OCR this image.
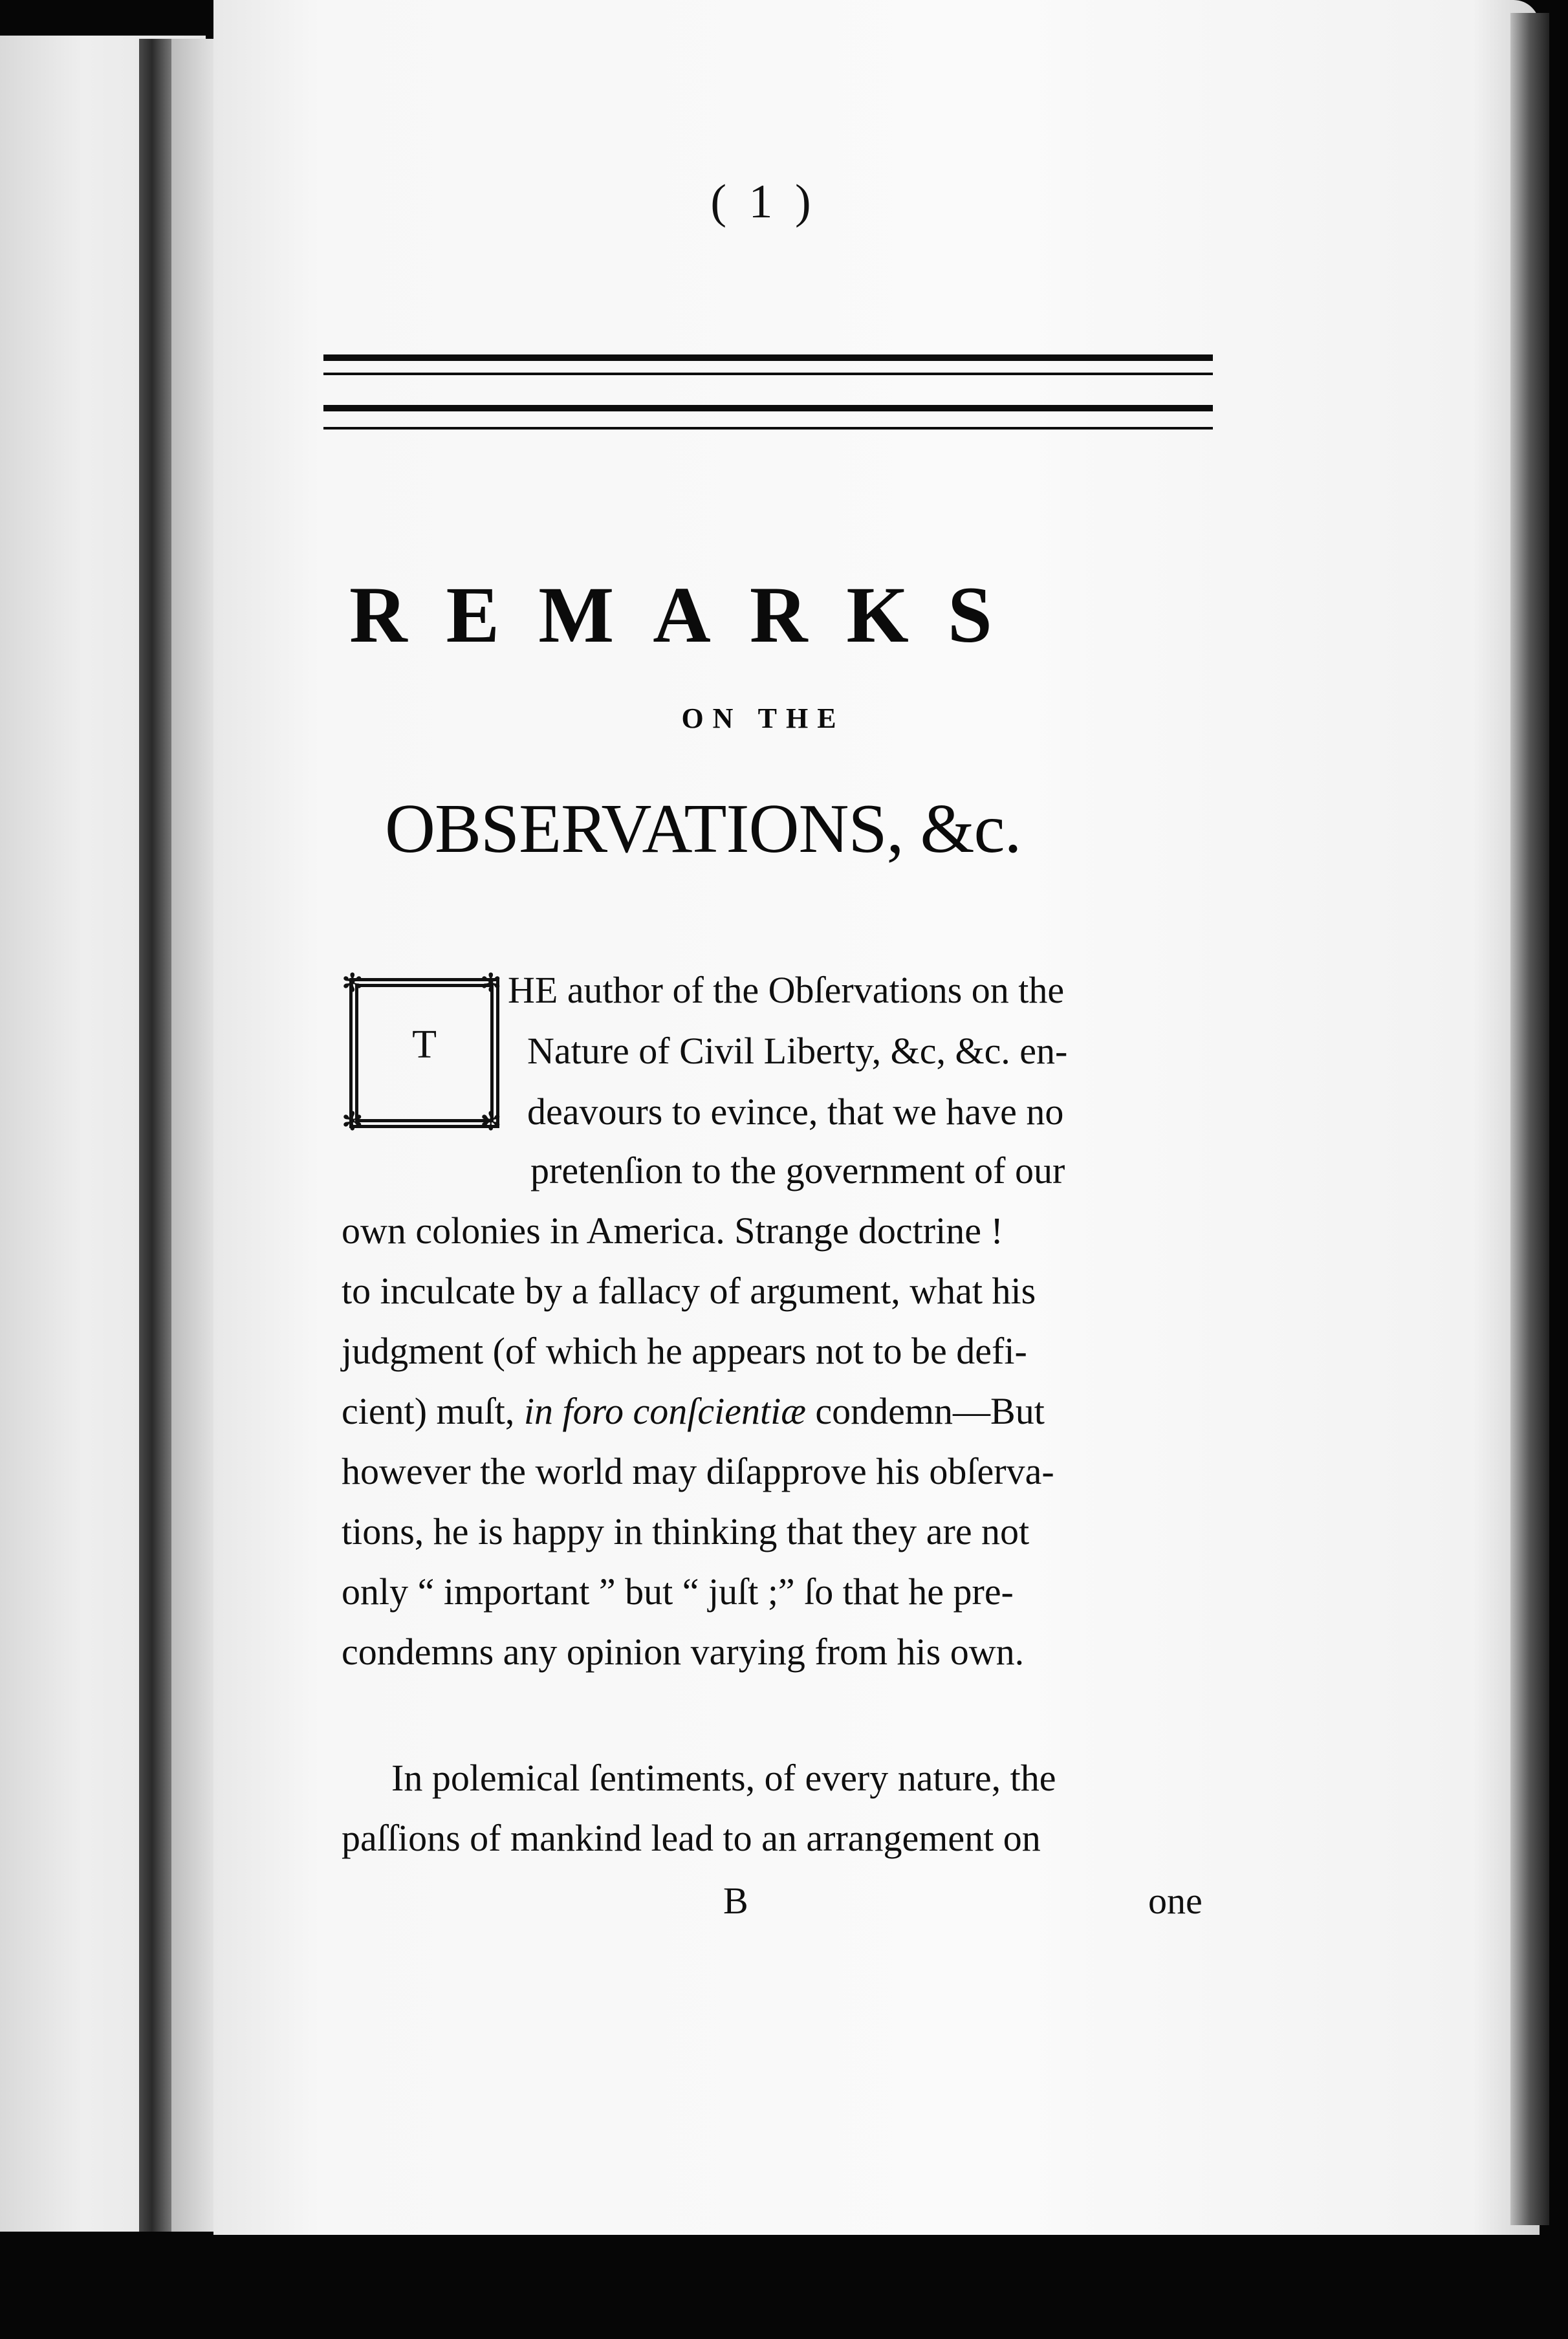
( 1 )
REMARKS
ON THE
OBSERVATIONS, &c.
✻	✻
✻	✻
T
HE author of the Obſervations on the
Nature of Civil Liberty, &c, &c. en-
deavours to evince, that we have no
pretenſion to the government of our
own colonies in America. Strange doctrine !
to inculcate by a fallacy of argument, what his
judgment (of which he appears not to be defi-
cient) muſt, in foro conſcientiæ condemn—But
however the world may diſapprove his obſerva-
tions, he is happy in thinking that they are not
only “ important ” but “ juſt ;” ſo that he pre-
condemns any opinion varying from his own.
In polemical ſentiments, of every nature, the
paſſions of mankind lead to an arrangement on
B	one
